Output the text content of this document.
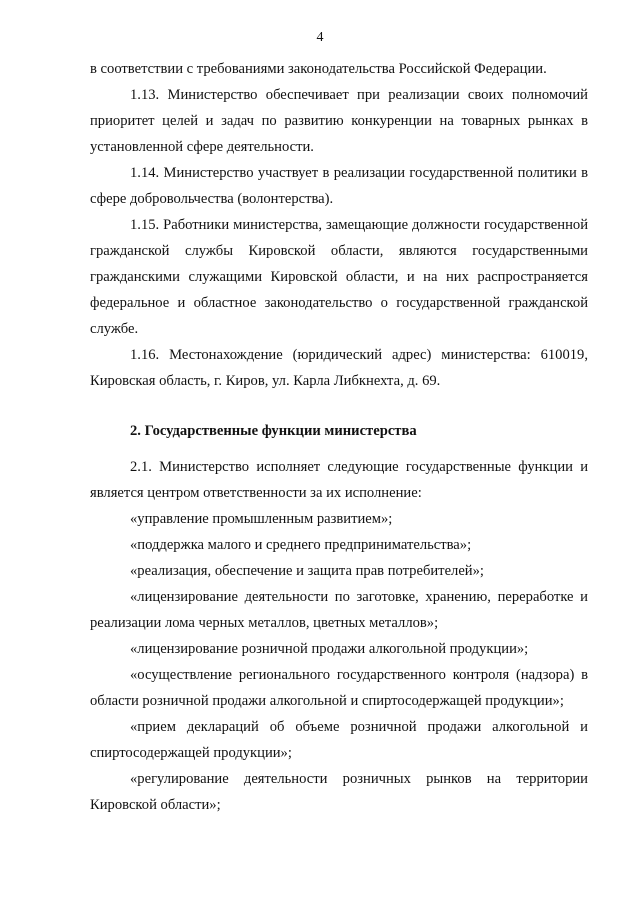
4

в соответствии с требованиями законодательства Российской Федерации.

1.13. Министерство обеспечивает при реализации своих полномочий приоритет целей и задач по развитию конкуренции на товарных рынках в установленной сфере деятельности.

1.14. Министерство участвует в реализации государственной политики в сфере добровольчества (волонтерства).

1.15. Работники министерства, замещающие должности государственной гражданской службы Кировской области, являются государственными гражданскими служащими Кировской области, и на них распространяется федеральное и областное законодательство о государственной гражданской службе.

1.16. Местонахождение (юридический адрес) министерства: 610019, Кировская область, г. Киров, ул. Карла Либкнехта, д. 69.

2. Государственные функции министерства

2.1. Министерство исполняет следующие государственные функции и является центром ответственности за их исполнение:

«управление промышленным развитием»;

«поддержка малого и среднего предпринимательства»;

«реализация, обеспечение и защита прав потребителей»;

«лицензирование деятельности по заготовке, хранению, переработке и реализации лома черных металлов, цветных металлов»;

«лицензирование розничной продажи алкогольной продукции»;

«осуществление регионального государственного контроля (надзора) в области розничной продажи алкогольной и спиртосодержащей продукции»;

«прием деклараций об объеме розничной продажи алкогольной и спиртосодержащей продукции»;

«регулирование деятельности розничных рынков на территории Кировской области»;
